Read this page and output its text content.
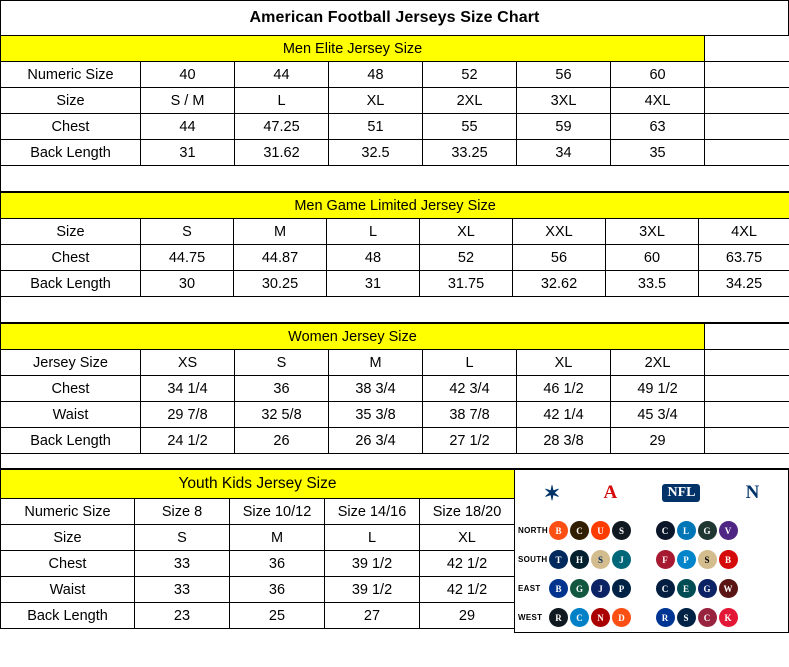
American Football Jerseys Size Chart
Men Elite Jersey Size							
Numeric Size	40	44	48	52	56	60	
Size	S / M	L	XL	2XL	3XL	4XL	
Chest	44	47.25	51	55	59	63	
Back Length	31	31.62	32.5	33.25	34	35	

Men Game Limited Jersey Size							
Size	S	M	L	XL	XXL	3XL	4XL
Chest	44.75	44.87	48	52	56	60	63.75
Back Length	30	30.25	31	31.75	32.62	33.5	34.25

Women Jersey Size							
Jersey Size	XS	S	M	L	XL	2XL	
Chest	34 1/4	36	38 3/4	42 3/4	46 1/2	49 1/2	
Waist	29 7/8	32 5/8	35 3/8	38 7/8	42 1/4	45 3/4	
Back Length	24 1/2	26	26 3/4	27 1/2	28 3/8	29	

Youth Kids Jersey Size				
Numeric Size	Size 8	Size 10/12	Size 14/16	Size 18/20
Size	S	M	L	XL
Chest	33	36	39 1/2	42 1/2
Waist	33	36	39 1/2	42 1/2
Back Length	23	25	27	29
✶ A	NFL	N
NORTH B	C	U	S
SOUTH T	H	S	J
EAST	B	G	J	P
WEST	R	C	N	D
C	L	G	V
F	P	S	B
C	E	G	W
R	S	C	K
